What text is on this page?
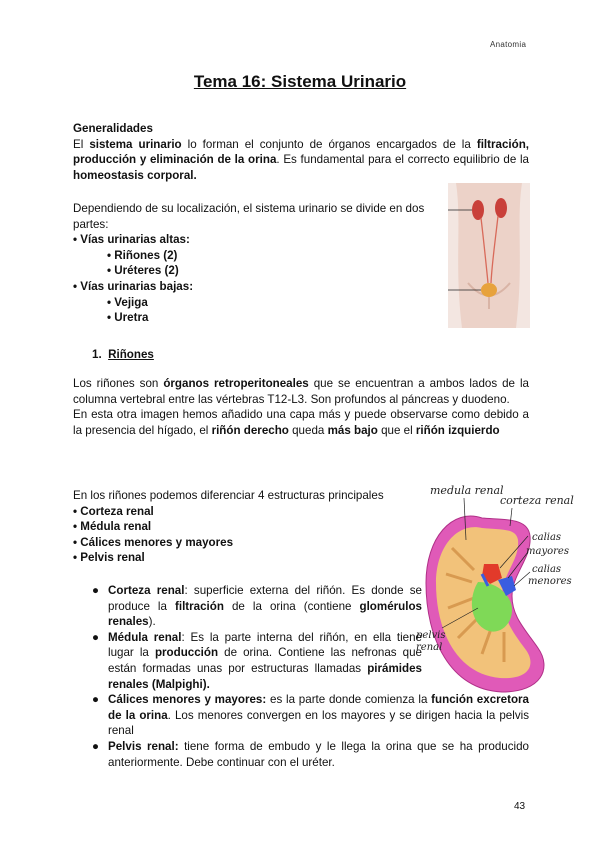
Anatomia
Tema 16: Sistema Urinario
Generalidades
El sistema urinario lo forman el conjunto de órganos encargados de la filtración, producción y eliminación de la orina. Es fundamental para el correcto equilibrio de la homeostasis corporal.
Dependiendo de su localización, el sistema urinario se divide en dos partes:
• Vías urinarias altas:
• Riñones (2)
• Uréteres (2)
• Vías urinarias bajas:
• Vejiga
• Uretra
1. Riñones
Los riñones son órganos retroperitoneales que se encuentran a ambos lados de la columna vertebral entre las vértebras T12-L3. Son profundos al páncreas y duodeno.
En esta otra imagen hemos añadido una capa más y puede observarse como debido a la presencia del hígado, el riñón derecho queda más bajo que el riñón izquierdo
En los riñones podemos diferenciar 4 estructuras principales
• Corteza renal
• Médula renal
• Cálices menores y mayores
• Pelvis renal
medula renal
corteza renal
calias
mayores
calias
menores
pelvis
renal
● Corteza renal: superficie externa del riñón. Es donde se produce la filtración de la orina (contiene glomérulos renales).
● Médula renal: Es la parte interna del riñón, en ella tiene lugar la producción de orina. Contiene las nefronas que están formadas unas por estructuras llamadas pirámides renales (Malpighi).
● Cálices menores y mayores: es la parte donde comienza la función excretora de la orina. Los menores convergen en los mayores y se dirigen hacia la pelvis renal
● Pelvis renal: tiene forma de embudo y le llega la orina que se ha producido anteriormente. Debe continuar con el uréter.
43
